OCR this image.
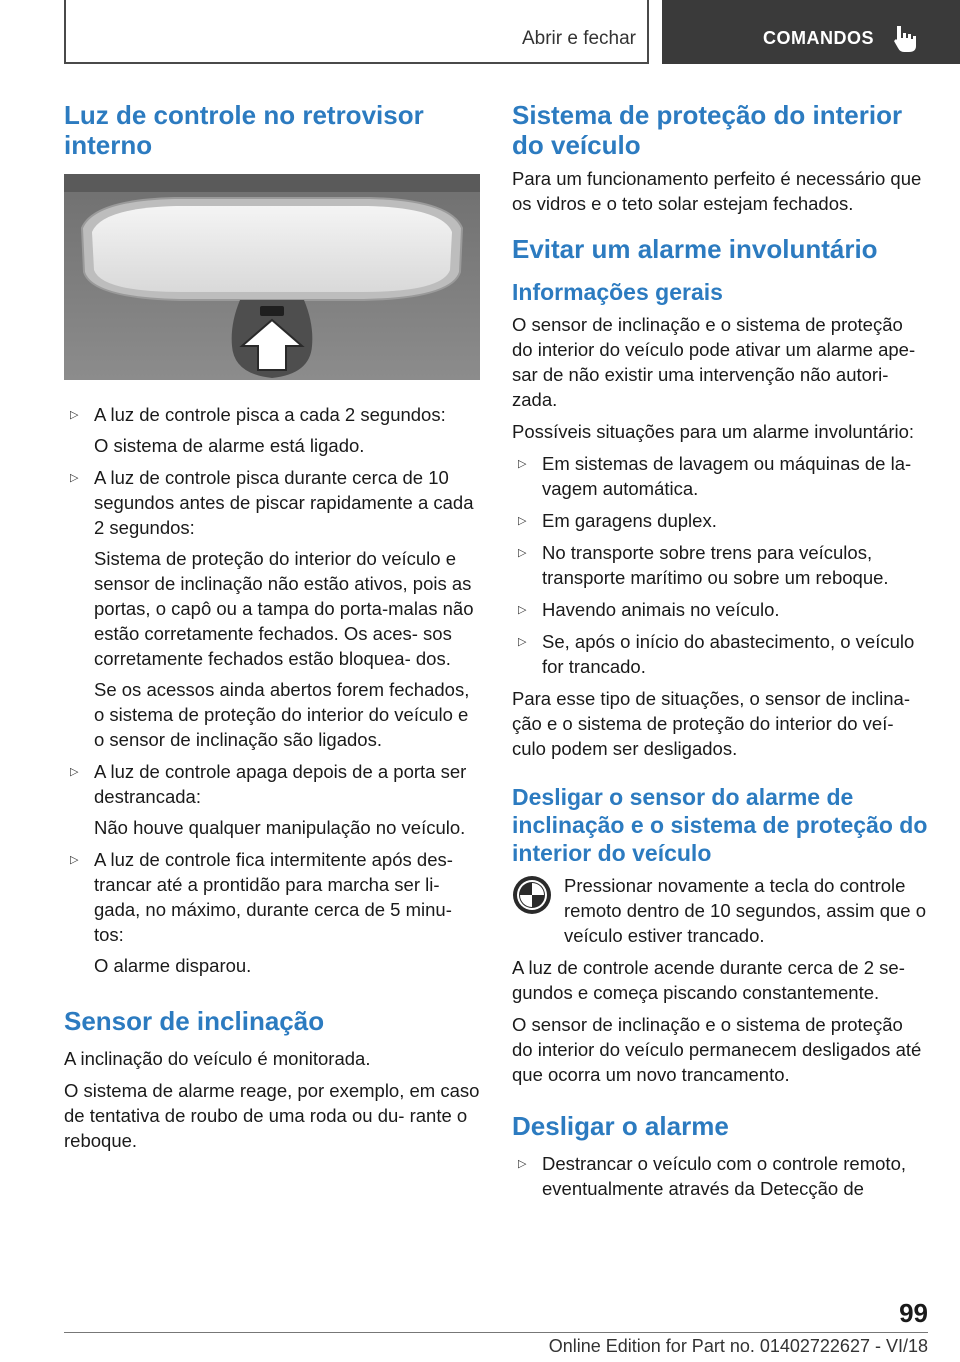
Abrir e fechar	COMANDOS
Luz de controle no retrovisor interno
▷ A luz de controle pisca a cada 2 segundos:

O sistema de alarme está ligado.

▷ A luz de controle pisca durante cerca de 10 segundos antes de piscar rapidamente a cada 2 segundos:

Sistema de proteção do interior do veículo e sensor de inclinação não estão ativos, pois as portas, o capô ou a tampa do porta-malas não estão corretamente fechados. Os aces- sos corretamente fechados estão bloquea- dos.

Se os acessos ainda abertos forem fechados, o sistema de proteção do interior do veículo e o sensor de inclinação são ligados.

▷ A luz de controle apaga depois de a porta ser destrancada:

Não houve qualquer manipulação no veículo.

▷ A luz de controle fica intermitente após des- trancar até a prontidão para marcha ser li- gada, no máximo, durante cerca de 5 minu- tos:

O alarme disparou.

Sensor de inclinação

A inclinação do veículo é monitorada.

O sistema de alarme reage, por exemplo, em caso de tentativa de roubo de uma roda ou du- rante o reboque.

Sistema de proteção do interior do veículo

Para um funcionamento perfeito é necessário que os vidros e o teto solar estejam fechados.

Evitar um alarme involuntário
Informações gerais

O sensor de inclinação e o sistema de proteção do interior do veículo pode ativar um alarme ape- sar de não existir uma intervenção não autori- zada.

Possíveis situações para um alarme involuntário:

▷ Em sistemas de lavagem ou máquinas de la- vagem automática.
▷ Em garagens duplex.
▷ No transporte sobre trens para veículos, transporte marítimo ou sobre um reboque.
▷ Havendo animais no veículo.
▷ Se, após o início do abastecimento, o veículo for trancado.

Para esse tipo de situações, o sensor de inclina- ção e o sistema de proteção do interior do veí- culo podem ser desligados.

Desligar o sensor do alarme de inclinação e o sistema de proteção do interior do veículo

Pressionar novamente a tecla do controle remoto dentro de 10 segundos, assim que o veículo estiver trancado.

A luz de controle acende durante cerca de 2 se- gundos e começa piscando constantemente.

O sensor de inclinação e o sistema de proteção do interior do veículo permanecem desligados até que ocorra um novo trancamento.

Desligar o alarme
▷ Destrancar o veículo com o controle remoto, eventualmente através da Detecção de
99
Online Edition for Part no. 01402722627 - VI/18
